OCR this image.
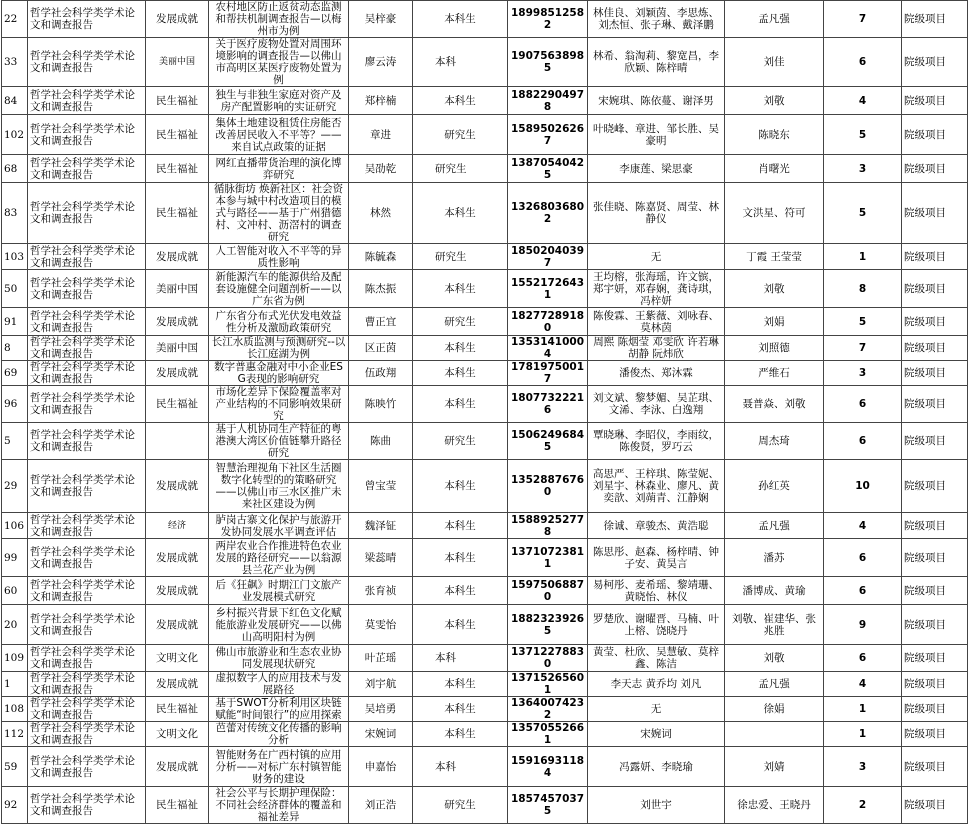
22	哲学社会科学类学术论文和调查报告	发展成就	农村地区防止返贫动态监测和帮扶机制调查报告—以梅州市为例	吴梓豪	本科生	18998512582	林佳良、刘颖茵、李思炼、刘杰恒、张子琳、戴泽鹏	孟凡强	7	院级项目
33	哲学社会科学类学术论文和调查报告	美丽中国	关于医疗废物处置对周围环境影响的调查报告—以佛山市高明区某医疗废物处置为例	廖云涛	本科	19075638985	林希、翁淘莉、黎宽昌，李欣颖、陈梓晴	刘佳	6	院级项目
84	哲学社会科学类学术论文和调查报告	民生福祉	独生与非独生家庭对资产及房产配置影响的实证研究	郑梓楠	本科生	18822904978	宋婉琪、陈依蔓、谢泽男	刘敬	4	院级项目
102	哲学社会科学类学术论文和调查报告	民生福祉	集体土地建设租赁住房能否改善居民收入不平等？——来自试点政策的证据	章进	研究生	15895026267	叶晓峰、章进、邹长胜、吴豪明	陈晓东	5	院级项目
68	哲学社会科学类学术论文和调查报告	民生福祉	网红直播带货治理的演化博弈研究	吴劭乾	研究生	13870540425	李康莲、梁思豪	肖曙光	3	院级项目
83	哲学社会科学类学术论文和调查报告	民生福祉	循脉街坊 焕新社区：社会资本参与城中村改造项目的模式与路径——基于广州猎德村、文冲村、沥滘村的调查研究	林然	本科生	13268036802	张佳晓、陈嘉贤、周莹、林静仪	文洪星、符可	5	院级项目
103	哲学社会科学类学术论文和调查报告	发展成就	人工智能对收入不平等的异质性影响	陈毓森	研究生	18502040397	无	丁霞 王莹莹	1	院级项目
50	哲学社会科学类学术论文和调查报告	美丽中国	新能源汽车的能源供给及配套设施健全问题剖析——以广东省为例	陈杰振	本科生	15521726431	王均榕，张海瑶，许文镔，郑宇妍，邓春娴，龚诗琪，冯梓妍	刘敬	8	院级项目
91	哲学社会科学类学术论文和调查报告	发展成就	广东省分布式光伏发电效益性分析及激励政策研究	曹正宜	研究生	18277289180	陈俊霖、王紫薇、刘咏春、莫林茵	刘娟	5	院级项目
8	哲学社会科学类学术论文和调查报告	美丽中国	长江水质监测与预测研究--以长江庭湖为例	区正茵	本科生	13531410004	周熙 陈烟莹 邓雯欣 许若琳 胡静 阮炜欣	刘照德	7	院级项目
69	哲学社会科学类学术论文和调查报告	发展成就	数字普惠金融对中小企业ESG表现的影响研究	伍政翔	本科生	17819750017	潘俊杰、郑沐霖	严维石	3	院级项目
96	哲学社会科学类学术论文和调查报告	民生福祉	市场化差异下保险覆盖率对产业结构的不同影响效果研究	陈映竹	本科生	18077322216	刘文斌、黎梦媚、吴芷琪、文浠、李泳、白逸翔	聂普焱、刘敬	6	院级项目
5	哲学社会科学类学术论文和调查报告		基于人机协同生产特征的粤港澳大湾区价值链攀升路径研究	陈曲	研究生	15062496845	覃晓琳、李昭仪，李雨纹，陈俊贤，罗巧云	周杰琦	6	院级项目
29	哲学社会科学类学术论文和调查报告	发展成就	智慧治理视角下社区生活圈数字化转型的的策略研究——以佛山市三水区推广未来社区建设为例	曾宝莹	本科生	13528876760	高思严、王梓琪、陈莹妮、刘星宇、林森业、廖凡、黄奕歆、刘蒴青、江静娴	孙红英	10	院级项目
106	哲学社会科学类学术论文和调查报告	经济	胪岗古寨文化保护与旅游开发协同发展水平调查评估	魏泽钲	本科生	15889252778	徐诚、章骏杰、黄浩聪	孟凡强	4	院级项目
99	哲学社会科学类学术论文和调查报告	发展成就	两岸农业合作推进特色农业发展的路径研究——以翁源县兰花产业为例	梁蕊晴	本科生	13710723811	陈思彤、赵森、杨梓晴、钟子安、黄昊言	潘苏	6	院级项目
60	哲学社会科学类学术论文和调查报告	发展成就	后《狂飙》时期江门文旅产业发展模式研究	张育祯	本科生	15975068870	易柯彤、麦希瑶、黎靖珊、黄晓怡、林仪	潘博成、黄瑜	6	院级项目
20	哲学社会科学类学术论文和调查报告	发展成就	乡村振兴背景下红色文化赋能旅游业发展研究——以佛山高明阳村为例	莫雯怡	本科生	18823239265	罗楚欣、谢曜晋、马楠、叶上榕、饶晓丹	刘敬、崔建华、张兆胜	9	院级项目
109	哲学社会科学类学术论文和调查报告	文明文化	佛山市旅游业和生态农业协同发展现状研究	叶芷瑶	本科	13712278830	黄莹、杜欣、吴慧敏、莫梓鑫、陈洁	刘敬	6	院级项目
1	哲学社会科学类学术论文和调查报告	发展成就	虚拟数字人的应用技术与发展路径	刘宇航	本科生	13715265601	李天志 黄乔均 刘凡	孟凡强	4	院级项目
108	哲学社会科学类学术论文和调查报告	民生福祉	基于SWOT分析利用区块链赋能“时间银行”的应用探索	吴培勇	本科生	13640074232	无	徐娟	1	院级项目
112	哲学社会科学类学术论文和调查报告	文明文化	芭蕾对传统文化传播的影响分析	宋婉词	本科生	13570552661	宋婉词		1	院级项目
59	哲学社会科学类学术论文和调查报告	发展成就	智能财务在广西村镇的应用分析——对标广东村镇智能财务的建设	申嘉怡	本科	15916931184	冯露妍、李晓瑜	刘婧	3	院级项目
92	哲学社会科学类学术论文和调查报告	民生福祉	社会公平与长期护理保险：不同社会经济群体的覆盖和福祉差异	刘正浩	研究生	18574570375	刘世宇	徐忠爱、王晓丹	2	院级项目
